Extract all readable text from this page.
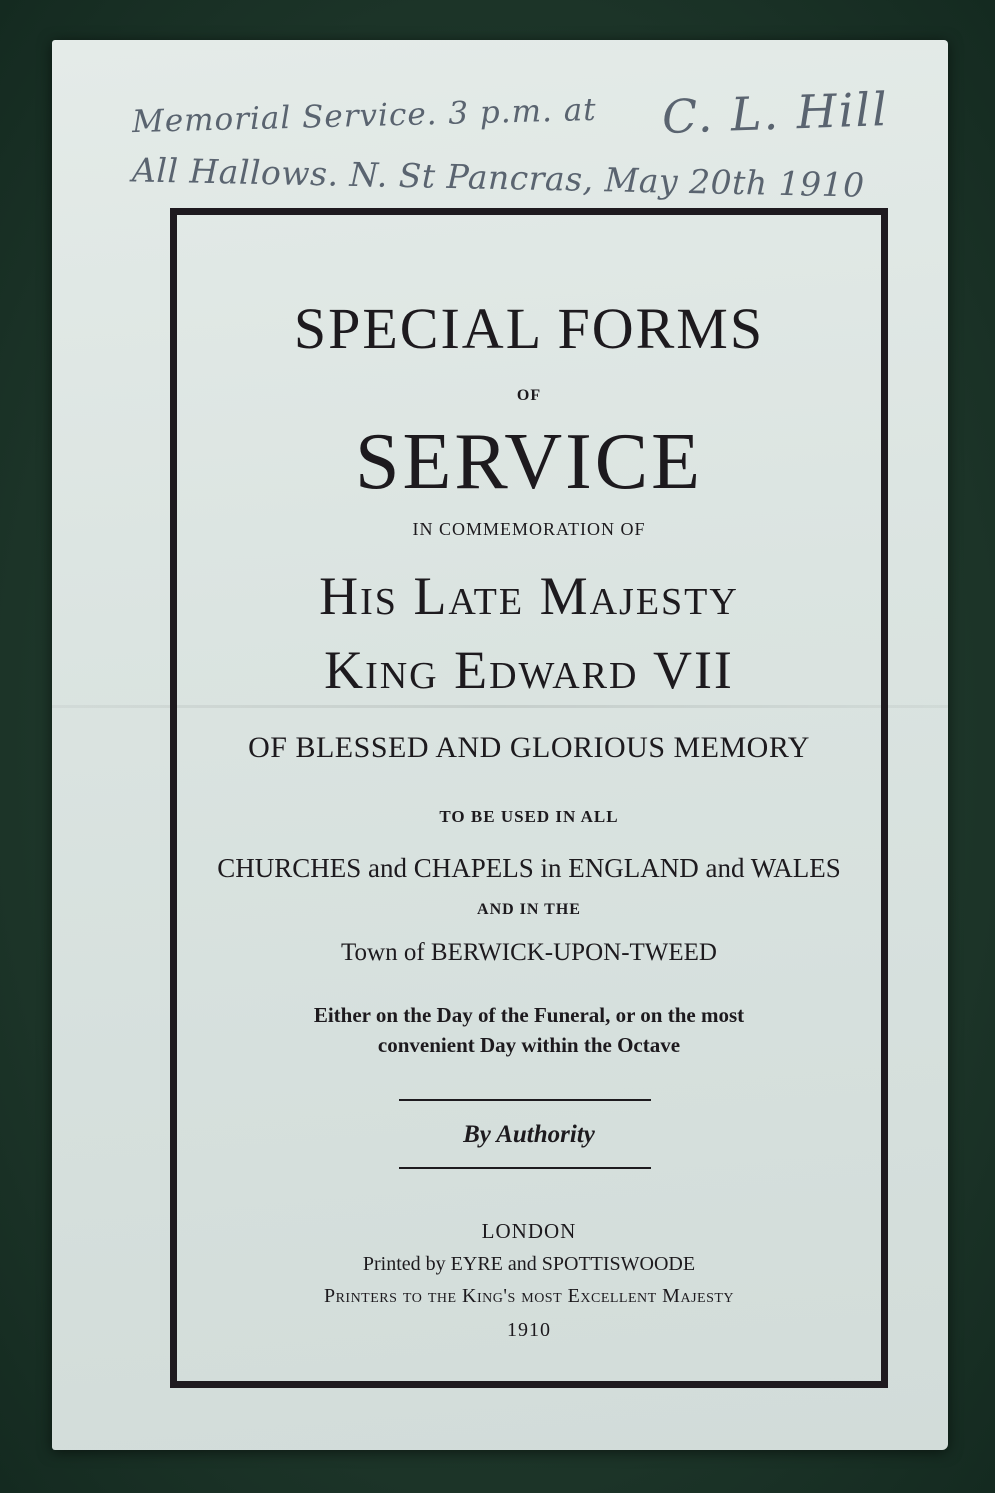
Memorial Service. 3 p.m. at C. L. Hill
All Hallows. N. St Pancras, May 20th 1910
SPECIAL FORMS
OF
SERVICE
IN COMMEMORATION OF
His Late Majesty
King Edward VII
OF BLESSED AND GLORIOUS MEMORY
TO BE USED IN ALL
CHURCHES and CHAPELS in ENGLAND and WALES
AND IN THE
Town of BERWICK-UPON-TWEED
Either on the Day of the Funeral, or on the most
convenient Day within the Octave
By Authority
LONDON
Printed by EYRE and SPOTTISWOODE
Printers to the King's most Excellent Majesty
1910
